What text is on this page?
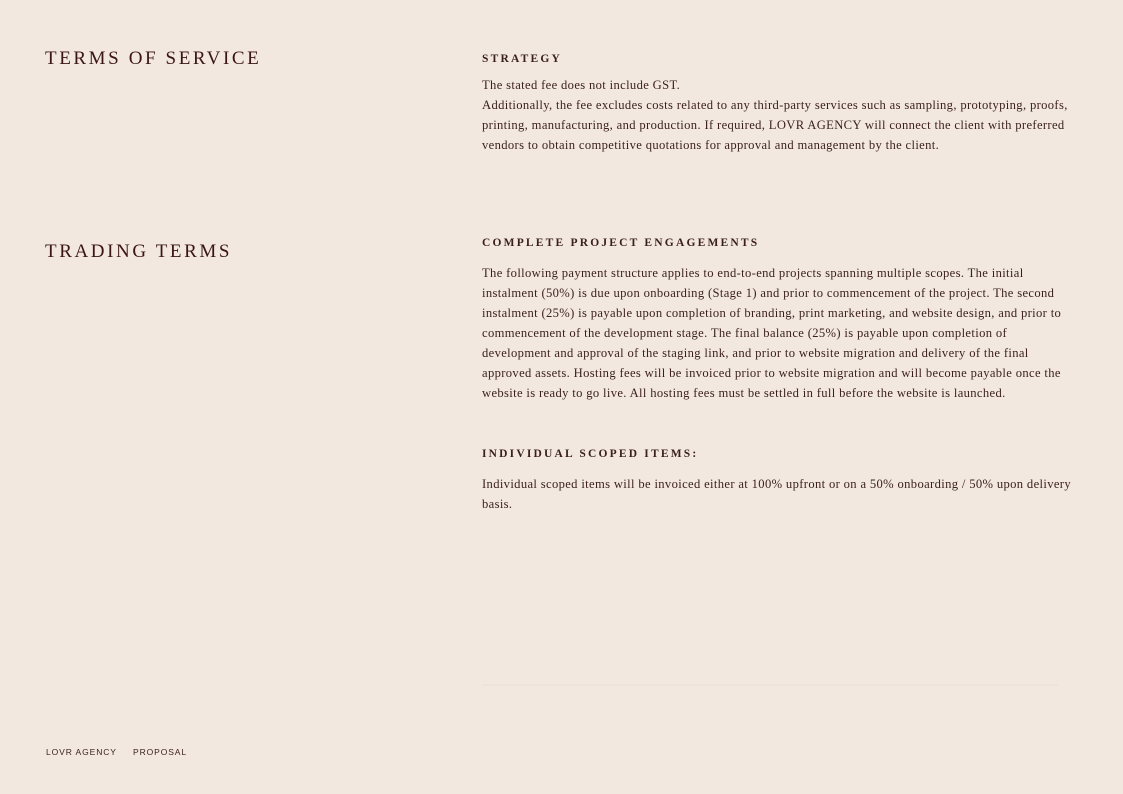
TERMS OF SERVICE
TRADING TERMS
STRATEGY

The stated fee does not include GST.

Additionally, the fee excludes costs related to any third-party services such as sampling, prototyping, proofs, printing, manufacturing, and production. If required, LOVR AGENCY will connect the client with preferred vendors to obtain competitive quotations for approval and management by the client.

COMPLETE PROJECT ENGAGEMENTS

The following payment structure applies to end-to-end projects spanning multiple scopes. The initial instalment (50%) is due upon onboarding (Stage 1) and prior to commencement of the project. The second instalment (25%) is payable upon completion of branding, print marketing, and website design, and prior to commencement of the development stage. The final balance (25%) is payable upon completion of development and approval of the staging link, and prior to website migration and delivery of the final approved assets. Hosting fees will be invoiced prior to website migration and will become payable once the website is ready to go live. All hosting fees must be settled in full before the website is launched.

INDIVIDUAL SCOPED ITEMS:

Individual scoped items will be invoiced either at 100% upfront or on a 50% onboarding / 50% upon delivery basis.

LOVR AGENCY PROPOSAL
